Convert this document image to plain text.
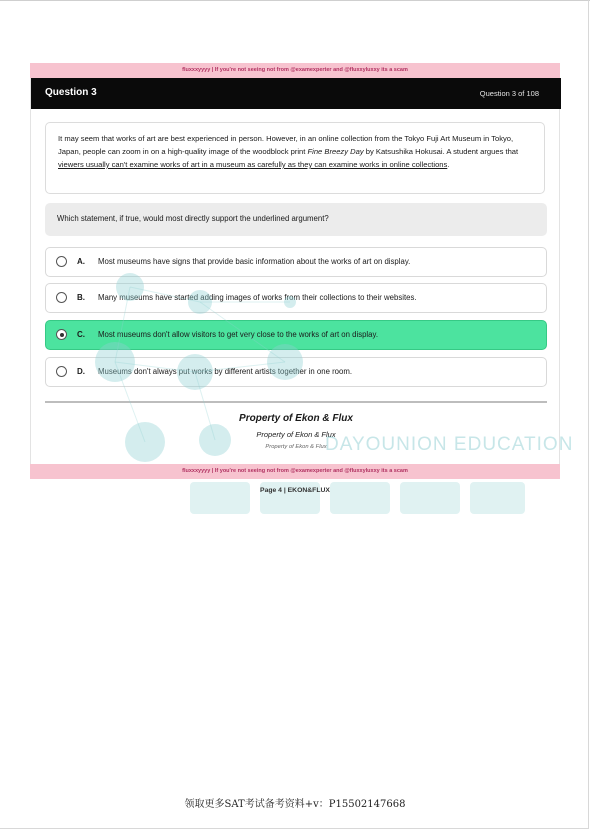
fluxxxyyyy | If you're not seeing not from @examexperter and @fluxxyluxxy its a scam
Question 3	Question 3 of 108
It may seem that works of art are best experienced in person. However, in an online collection from the Tokyo Fuji Art Museum in Tokyo, Japan, people can zoom in on a high-quality image of the woodblock print Fine Breezy Day by Katsushika Hokusai. A student argues that viewers usually can't examine works of art in a museum as carefully as they can examine works in online collections.
Which statement, if true, would most directly support the underlined argument?
A. Most museums have signs that provide basic information about the works of art on display.
B. Many museums have started adding images of works from their collections to their websites.
C. Most museums don't allow visitors to get very close to the works of art on display.
D. Museums don't always put works by different artists together in one room.
Property of Ekon & Flux
Property of Ekon & Flux
Property of Ekon & Flux
fluxxxyyyy | If you're not seeing not from @examexperter and @fluxxyluxxy its a scam
DAYOUNION EDUCATION
Page 4 | EKON&FLUX
领取更多SAT考试备考资料+v：P15502147668
